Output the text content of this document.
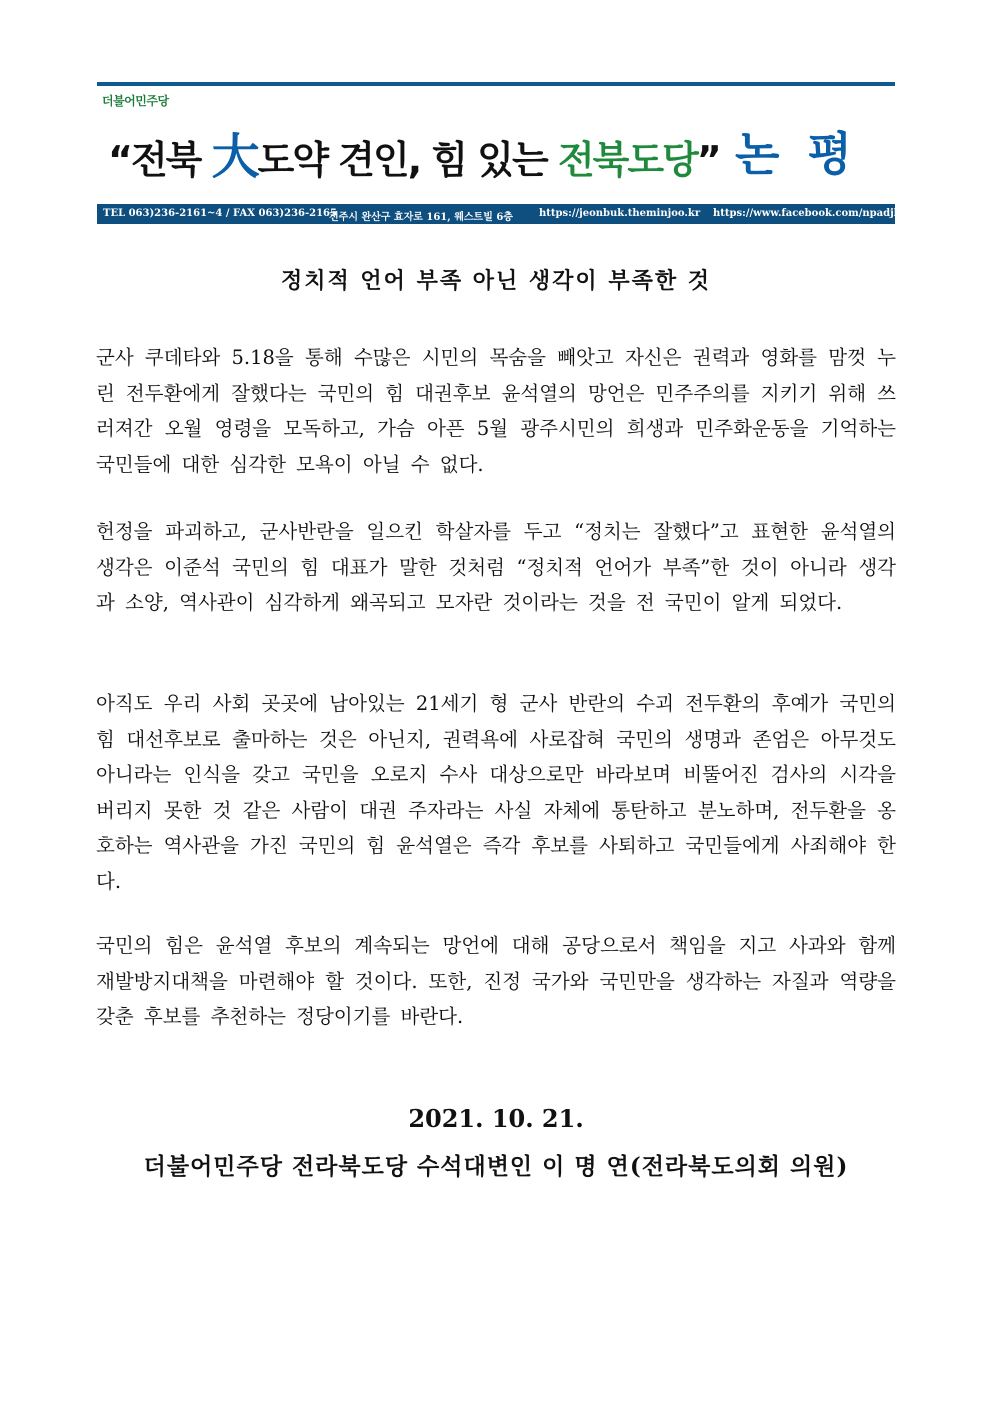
더불어민주당
“전북 大도약 견인, 힘 있는 전북도당” 논 평
TEL 063)236-2161~4 / FAX 063)236-2165
전주시 완산구 효자로 161, 웨스트빌 6층	https://jeonbuk.theminjoo.kr https://www.facebook.com/npadjb
정치적 언어 부족 아닌 생각이 부족한 것

군사 쿠데타와 5.18을 통해 수많은 시민의 목숨을 빼앗고 자신은 권력과 영화를 맘껏 누린 전두환에게 잘했다는 국민의 힘 대권후보 윤석열의 망언은 민주주의를 지키기 위해 쓰러져간 오월 영령을 모독하고, 가슴 아픈 5월 광주시민의 희생과 민주화운동을 기억하는 국민들에 대한 심각한 모욕이 아닐 수 없다.

헌정을 파괴하고, 군사반란을 일으킨 학살자를 두고 “정치는 잘했다”고 표현한 윤석열의 생각은 이준석 국민의 힘 대표가 말한 것처럼 “정치적 언어가 부족”한 것이 아니라 생각과 소양, 역사관이 심각하게 왜곡되고 모자란 것이라는 것을 전 국민이 알게 되었다.

아직도 우리 사회 곳곳에 남아있는 21세기 형 군사 반란의 수괴 전두환의 후예가 국민의 힘 대선후보로 출마하는 것은 아닌지, 권력욕에 사로잡혀 국민의 생명과 존엄은 아무것도 아니라는 인식을 갖고 국민을 오로지 수사 대상으로만 바라보며 비뚤어진 검사의 시각을 버리지 못한 것 같은 사람이 대권 주자라는 사실 자체에 통탄하고 분노하며, 전두환을 옹호하는 역사관을 가진 국민의 힘 윤석열은 즉각 후보를 사퇴하고 국민들에게 사죄해야 한다.

국민의 힘은 윤석열 후보의 계속되는 망언에 대해 공당으로서 책임을 지고 사과와 함께 재발방지대책을 마련해야 할 것이다. 또한, 진정 국가와 국민만을 생각하는 자질과 역량을 갖춘 후보를 추천하는 정당이기를 바란다.

2021. 10. 21.
더불어민주당 전라북도당 수석대변인 이 명 연(전라북도의회 의원)
